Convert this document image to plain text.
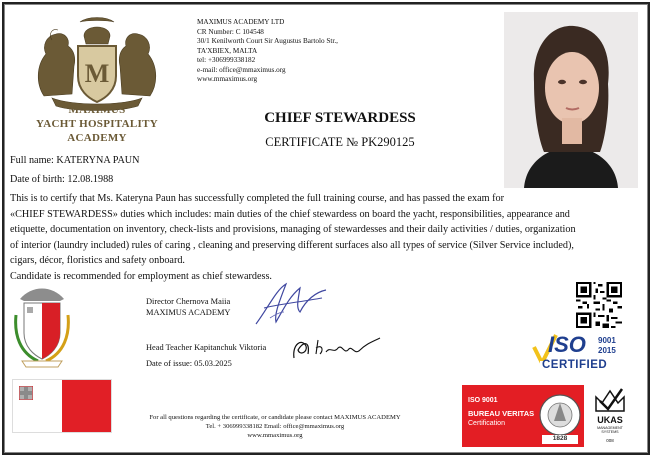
M
MAXIMUS
YACHT HOSPITALITY ACADEMY
MAXIMUS ACADEMY LTD
CR Number: C 104548
30/1 Kenilworth Court Sir Augustus Bartolo Str.,
TA'XBIEX, MALTA
tel: +306999338182
e-mail: office@mmaximus.org
www.mmaximus.org
CHIEF STEWARDESS
CERTIFICATE № PK290125
Full name: KATERYNA PAUN
Date of birth: 12.08.1988

This is to certify that Ms. Kateryna Paun has successfully completed the full training course, and has passed the exam for

«CHIEF STEWARDESS» duties which includes: main duties of the chief stewardess on board the yacht, responsibilities, appearance and

etiquette, documentation on inventory, check-lists and provisions, managing of stewardesses and their daily activities / duties, organization

of interior (laundry included) rules of caring , cleaning and preserving different surfaces also all types of service (Silver Service included),

cigars, décor, floristics and safety onboard.

Candidate is recommended for employment as chief stewardess.

Director Chernova Maiia
MAXIMUS ACADEMY
Head Teacher Kapitanchuk Viktoria
Date of issue: 05.03.2025
ISO 9001
2015
CERTIFIED
ISO 9001
BUREAU VERITAS
Certification
1828
UKAS
MANAGEMENT
SYSTEMS
008
For all questions regarding the certificate, or candidate please contact MAXIMUS ACADEMY
Tel. + 306999338182 Email: office@mmaximus.org
www.mmaximus.org
